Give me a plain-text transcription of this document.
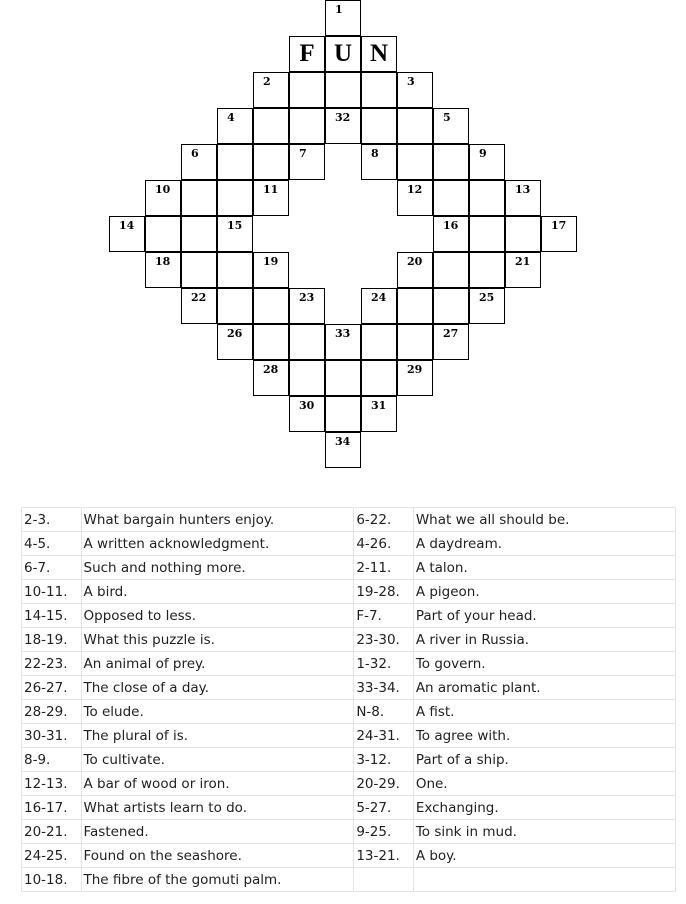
1
F U N
2	3
4	32	5
6	7	8	9
10	11	12	13
14	15	16	17
18	19	20	21
22	23	24	25
26	33	27
28	29
30	31
34
2-3.	What bargain hunters enjoy.	6-22.	What we all should be.
4-5.	A written acknowledgment.	4-26.	A daydream.
6-7.	Such and nothing more.	2-11.	A talon.
10-11.	A bird.	19-28.	A pigeon.
14-15.	Opposed to less.	F-7.	Part of your head.
18-19.	What this puzzle is.	23-30.	A river in Russia.
22-23.	An animal of prey.	1-32.	To govern.
26-27.	The close of a day.	33-34.	An aromatic plant.
28-29.	To elude.	N-8.	A fist.
30-31.	The plural of is.	24-31.	To agree with.
8-9.	To cultivate.	3-12.	Part of a ship.
12-13.	A bar of wood or iron.	20-29.	One.
16-17.	What artists learn to do.	5-27.	Exchanging.
20-21.	Fastened.	9-25.	To sink in mud.
24-25.	Found on the seashore.	13-21.	A boy.
10-18.	The fibre of the gomuti palm.		
